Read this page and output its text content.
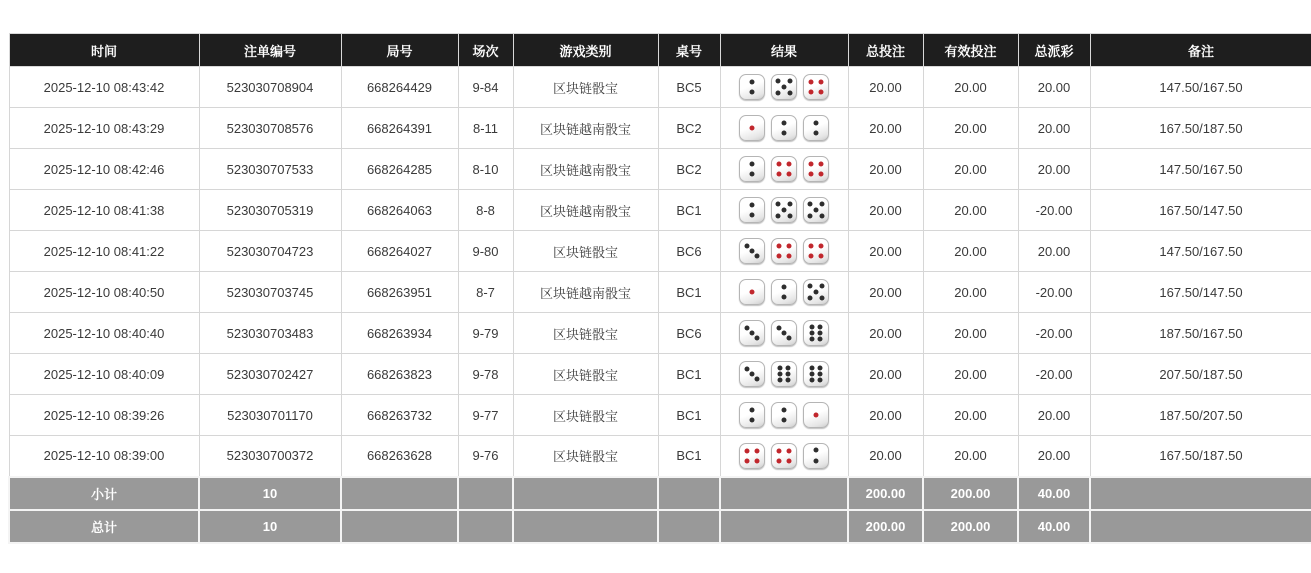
时间	注单编号	局号	场次	游戏类别	桌号	结果	总投注	有效投注	总派彩	备注
2025-12-10 08:43:42	523030708904	668264429	9-84	区块链骰宝	BC5		20.00	20.00	20.00	147.50/167.50
2025-12-10 08:43:29	523030708576	668264391	8-11	区块链越南骰宝	BC2		20.00	20.00	20.00	167.50/187.50
2025-12-10 08:42:46	523030707533	668264285	8-10	区块链越南骰宝	BC2		20.00	20.00	20.00	147.50/167.50
2025-12-10 08:41:38	523030705319	668264063	8-8	区块链越南骰宝	BC1		20.00	20.00	-20.00	167.50/147.50
2025-12-10 08:41:22	523030704723	668264027	9-80	区块链骰宝	BC6		20.00	20.00	20.00	147.50/167.50
2025-12-10 08:40:50	523030703745	668263951	8-7	区块链越南骰宝	BC1		20.00	20.00	-20.00	167.50/147.50
2025-12-10 08:40:40	523030703483	668263934	9-79	区块链骰宝	BC6		20.00	20.00	-20.00	187.50/167.50
2025-12-10 08:40:09	523030702427	668263823	9-78	区块链骰宝	BC1		20.00	20.00	-20.00	207.50/187.50
2025-12-10 08:39:26	523030701170	668263732	9-77	区块链骰宝	BC1		20.00	20.00	20.00	187.50/207.50
2025-12-10 08:39:00	523030700372	668263628	9-76	区块链骰宝	BC1		20.00	20.00	20.00	167.50/187.50
小计	10						200.00	200.00	40.00	
总计	10						200.00	200.00	40.00	
